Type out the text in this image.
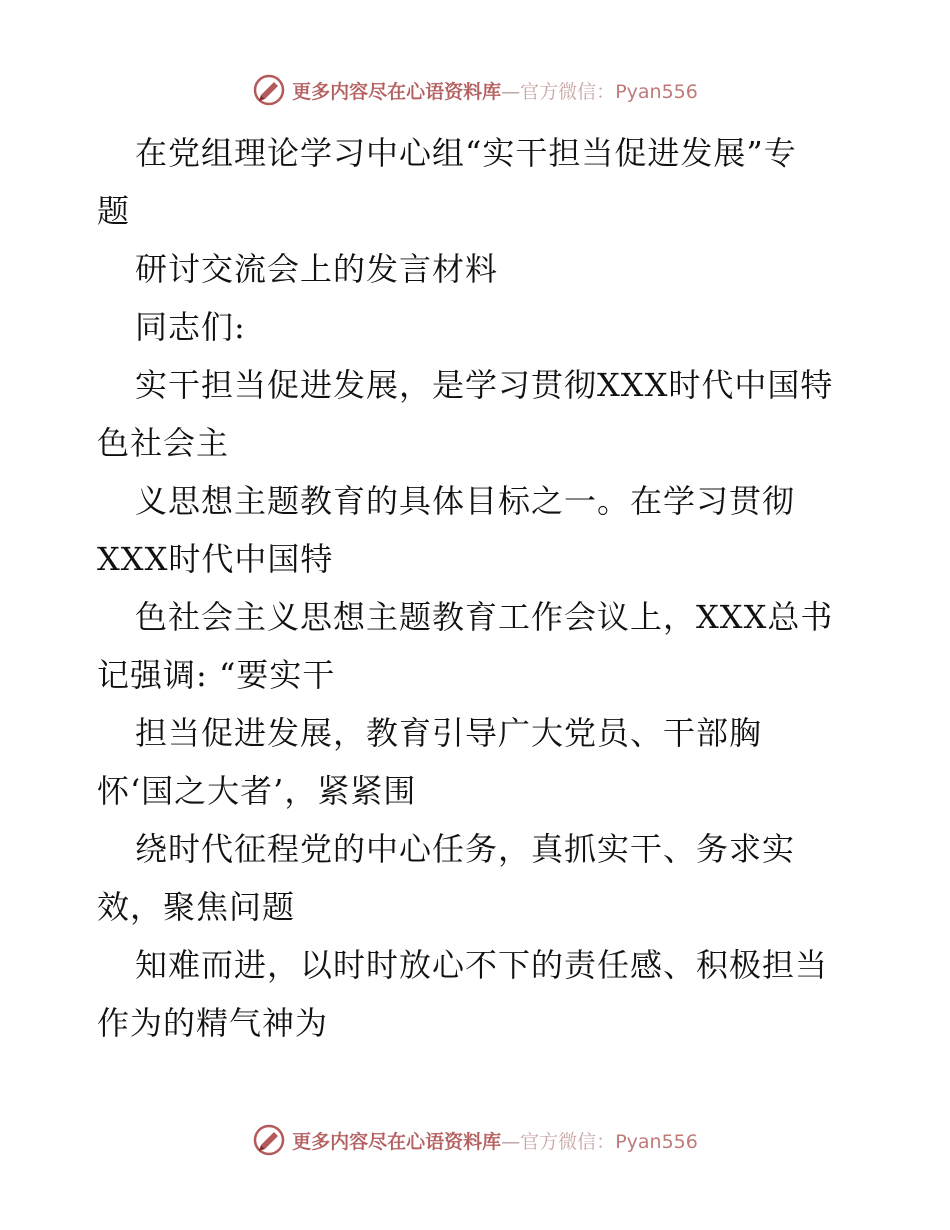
更多内容尽在心语资料库—官方微信：Pyan556
在党组理论学习中心组“实干担当促进发展”专
题
研讨交流会上的发言材料
同志们:
实干担当促进发展，是学习贯彻XXX时代中国特
色社会主
义思想主题教育的具体目标之一。在学习贯彻
XXX时代中国特
色社会主义思想主题教育工作会议上，XXX总书
记强调: “要实干
担当促进发展，教育引导广大党员、干部胸
怀‘国之大者’，紧紧围
绕时代征程党的中心任务，真抓实干、务求实
效，聚焦问题
知难而进，以时时放心不下的责任感、积极担当
作为的精气神为
更多内容尽在心语资料库—官方微信：Pyan556
